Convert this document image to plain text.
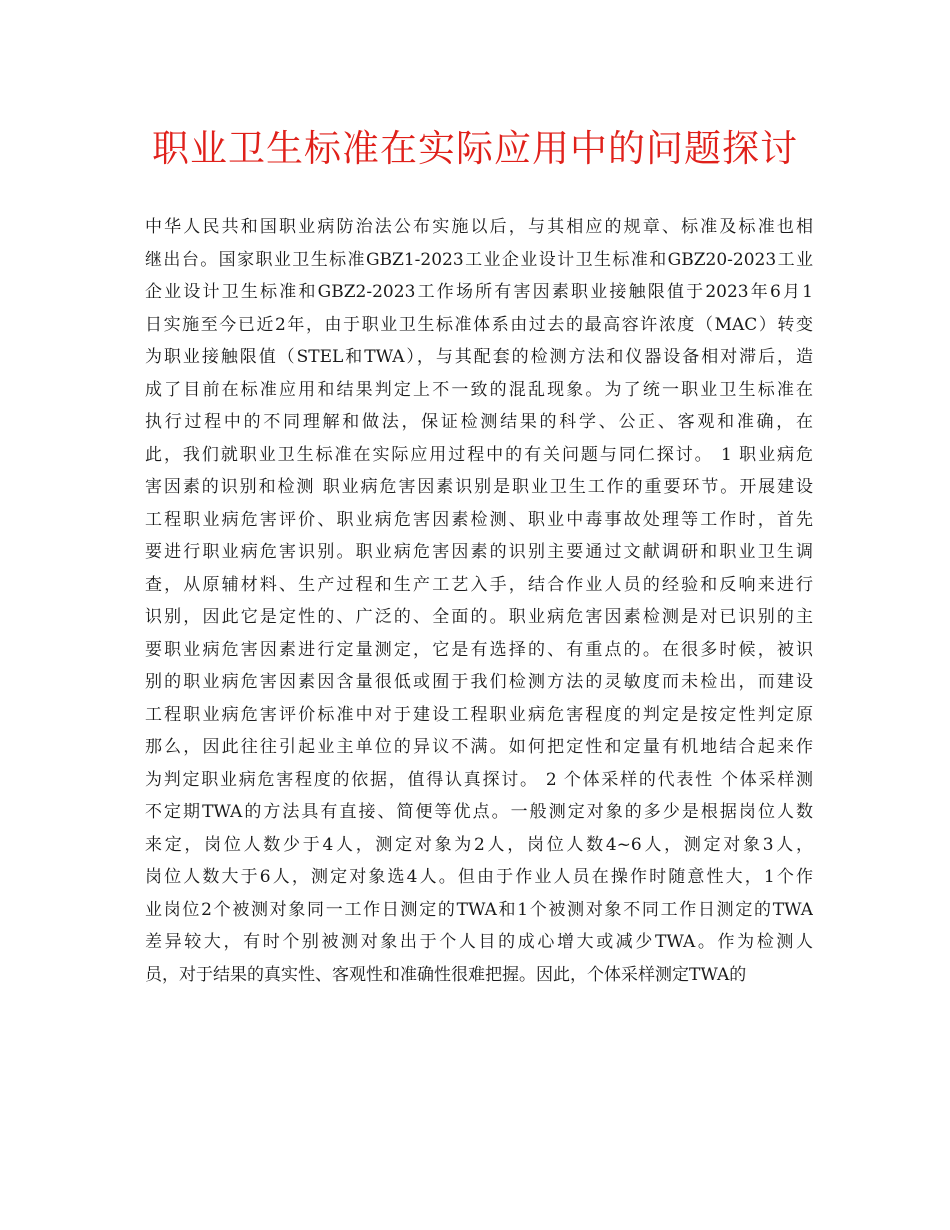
职业卫生标准在实际应用中的问题探讨
中华人民共和国职业病防治法公布实施以后，与其相应的规章、标准及标准也相
继出台。国家职业卫生标准GBZ1-2023工业企业设计卫生标准和GBZ20-2023工业
企业设计卫生标准和GBZ2-2023工作场所有害因素职业接触限值于2023年6月1
日实施至今已近2年，由于职业卫生标准体系由过去的最高容许浓度（MAC）转变
为职业接触限值（STEL和TWA），与其配套的检测方法和仪器设备相对滞后，造
成了目前在标准应用和结果判定上不一致的混乱现象。为了统一职业卫生标准在
执行过程中的不同理解和做法，保证检测结果的科学、公正、客观和准确，在
此，我们就职业卫生标准在实际应用过程中的有关问题与同仁探讨。 1 职业病危
害因素的识别和检测 职业病危害因素识别是职业卫生工作的重要环节。开展建设
工程职业病危害评价、职业病危害因素检测、职业中毒事故处理等工作时，首先
要进行职业病危害识别。职业病危害因素的识别主要通过文献调研和职业卫生调
查，从原辅材料、生产过程和生产工艺入手，结合作业人员的经验和反响来进行
识别，因此它是定性的、广泛的、全面的。职业病危害因素检测是对已识别的主
要职业病危害因素进行定量测定，它是有选择的、有重点的。在很多时候，被识
别的职业病危害因素因含量很低或囿于我们检测方法的灵敏度而未检出，而建设
工程职业病危害评价标准中对于建设工程职业病危害程度的判定是按定性判定原
那么，因此往往引起业主单位的异议不满。如何把定性和定量有机地结合起来作
为判定职业病危害程度的依据，值得认真探讨。 2 个体采样的代表性 个体采样测
不定期TWA的方法具有直接、简便等优点。一般测定对象的多少是根据岗位人数
来定，岗位人数少于4人，测定对象为2人，岗位人数4~6人，测定对象3人，
岗位人数大于6人，测定对象选4人。但由于作业人员在操作时随意性大，1个作
业岗位2个被测对象同一工作日测定的TWA和1个被测对象不同工作日测定的TWA
差异较大，有时个别被测对象出于个人目的成心增大或减少TWA。作为检测人
员，对于结果的真实性、客观性和准确性很难把握。因此，个体采样测定TWA的
